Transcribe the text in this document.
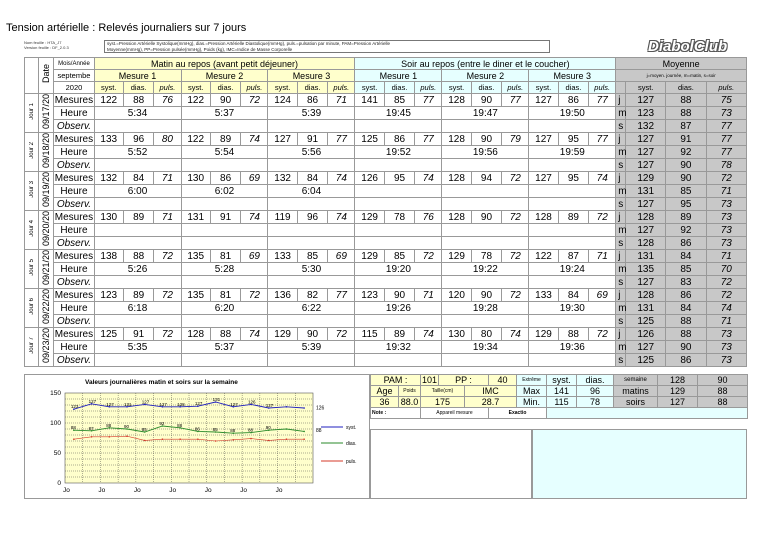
Tension artérielle : Relevés journaliers sur 7 jours
Nom feuille : HTA_J7
Version feuille : DF_2.0.3
syst.=Pression Artérielle Systolique(mmHg), dias.=Pression Artérielle Diastolique(mmHg), puls.=pulsation par minute, PAM=Pression Artérielle
Moyenne(mmHg), PP=Pression pulsée(mmHg), Poids (kg), IMC=Indice de Masse Corporelle	DiabolClub
	Date	Mois/Année	Matin au repos (avant petit déjeuner)									Soir au repos (entre le diner et le coucher)									Moyenne			
		septembe	Mesure 1			Mesure 2			Mesure 3			Mesure 1			Mesure 2			Mesure 3			j=moyen. journée, m=matin, s=soir			
		2020	syst.	dias.	puls.	syst.	dias.	puls.	syst.	dias.	puls.	syst.	dias.	puls.	syst.	dias.	puls.	syst.	dias.	puls.		syst.	dias.	puls.
Jour 1	09/17/20	Mesures	122	88	76	122	90	72	124	86	71	141	85	77	128	90	77	127	86	77	j	127	88	75
		Heure	5:34			5:37			5:39			19:45			19:47			19:50			m	123	88	73
		Observ.																			s	132	87	77
Jour 2	09/18/20	Mesures	133	96	80	122	89	74	127	91	77	125	86	77	128	90	79	127	95	77	j	127	91	77
		Heure	5:52			5:54			5:56			19:52			19:56			19:59			m	127	92	77
		Observ.																			s	127	90	78
Jour 3	09/19/20	Mesures	132	84	71	130	86	69	132	84	74	126	95	74	128	94	72	127	95	74	j	129	90	72
		Heure	6:00			6:02			6:04												m	131	85	71
		Observ.																			s	127	95	73
Jour 4	09/20/20	Mesures	130	89	71	131	91	74	119	96	74	129	78	76	128	90	72	128	89	72	j	128	89	73
		Heure																			m	127	92	73
		Observ.																			s	128	86	73
Jour 5	09/21/20	Mesures	138	88	72	135	81	69	133	85	69	129	85	72	129	78	72	122	87	71	j	131	84	71
		Heure	5:26			5:28			5:30			19:20			19:22			19:24			m	135	85	70
		Observ.																			s	127	83	72
Jour 6	09/22/20	Mesures	123	89	72	135	81	72	136	82	77	123	90	71	120	90	72	133	84	69	j	128	86	72
		Heure	6:18			6:20			6:22			19:26			19:28			19:30			m	131	84	74
		Observ.																			s	125	88	71
Jour 7	09/23/20	Mesures	125	91	72	128	88	74	129	90	72	115	89	74	130	80	74	129	88	72	j	126	88	73
		Heure	5:35			5:37			5:39			19:32			19:34			19:36			m	127	90	73
		Observ.																			s	125	86	73
Valeurs journalières matin et soirs sur la semaine
150
100
50
0
Jo	Jo	Jo	Jo	Jo	Jo	Jo
123
127
127 131 127 127 128 127
131
127 126
127
88	87
88	90
85
92	88
86	85	88	88	90
126
88
syst.
dias.
puls.
PAM :		101	PP :		40	Extrême	syst.	dias.	semaine	128	90
Age	Poids	Taille(cm)		IMC		Max	141	96	matins	129	88
36	88.0	175		28.7		Min.	115	78	soirs	127	88
Note :		Appareil mesure			Exactio						
